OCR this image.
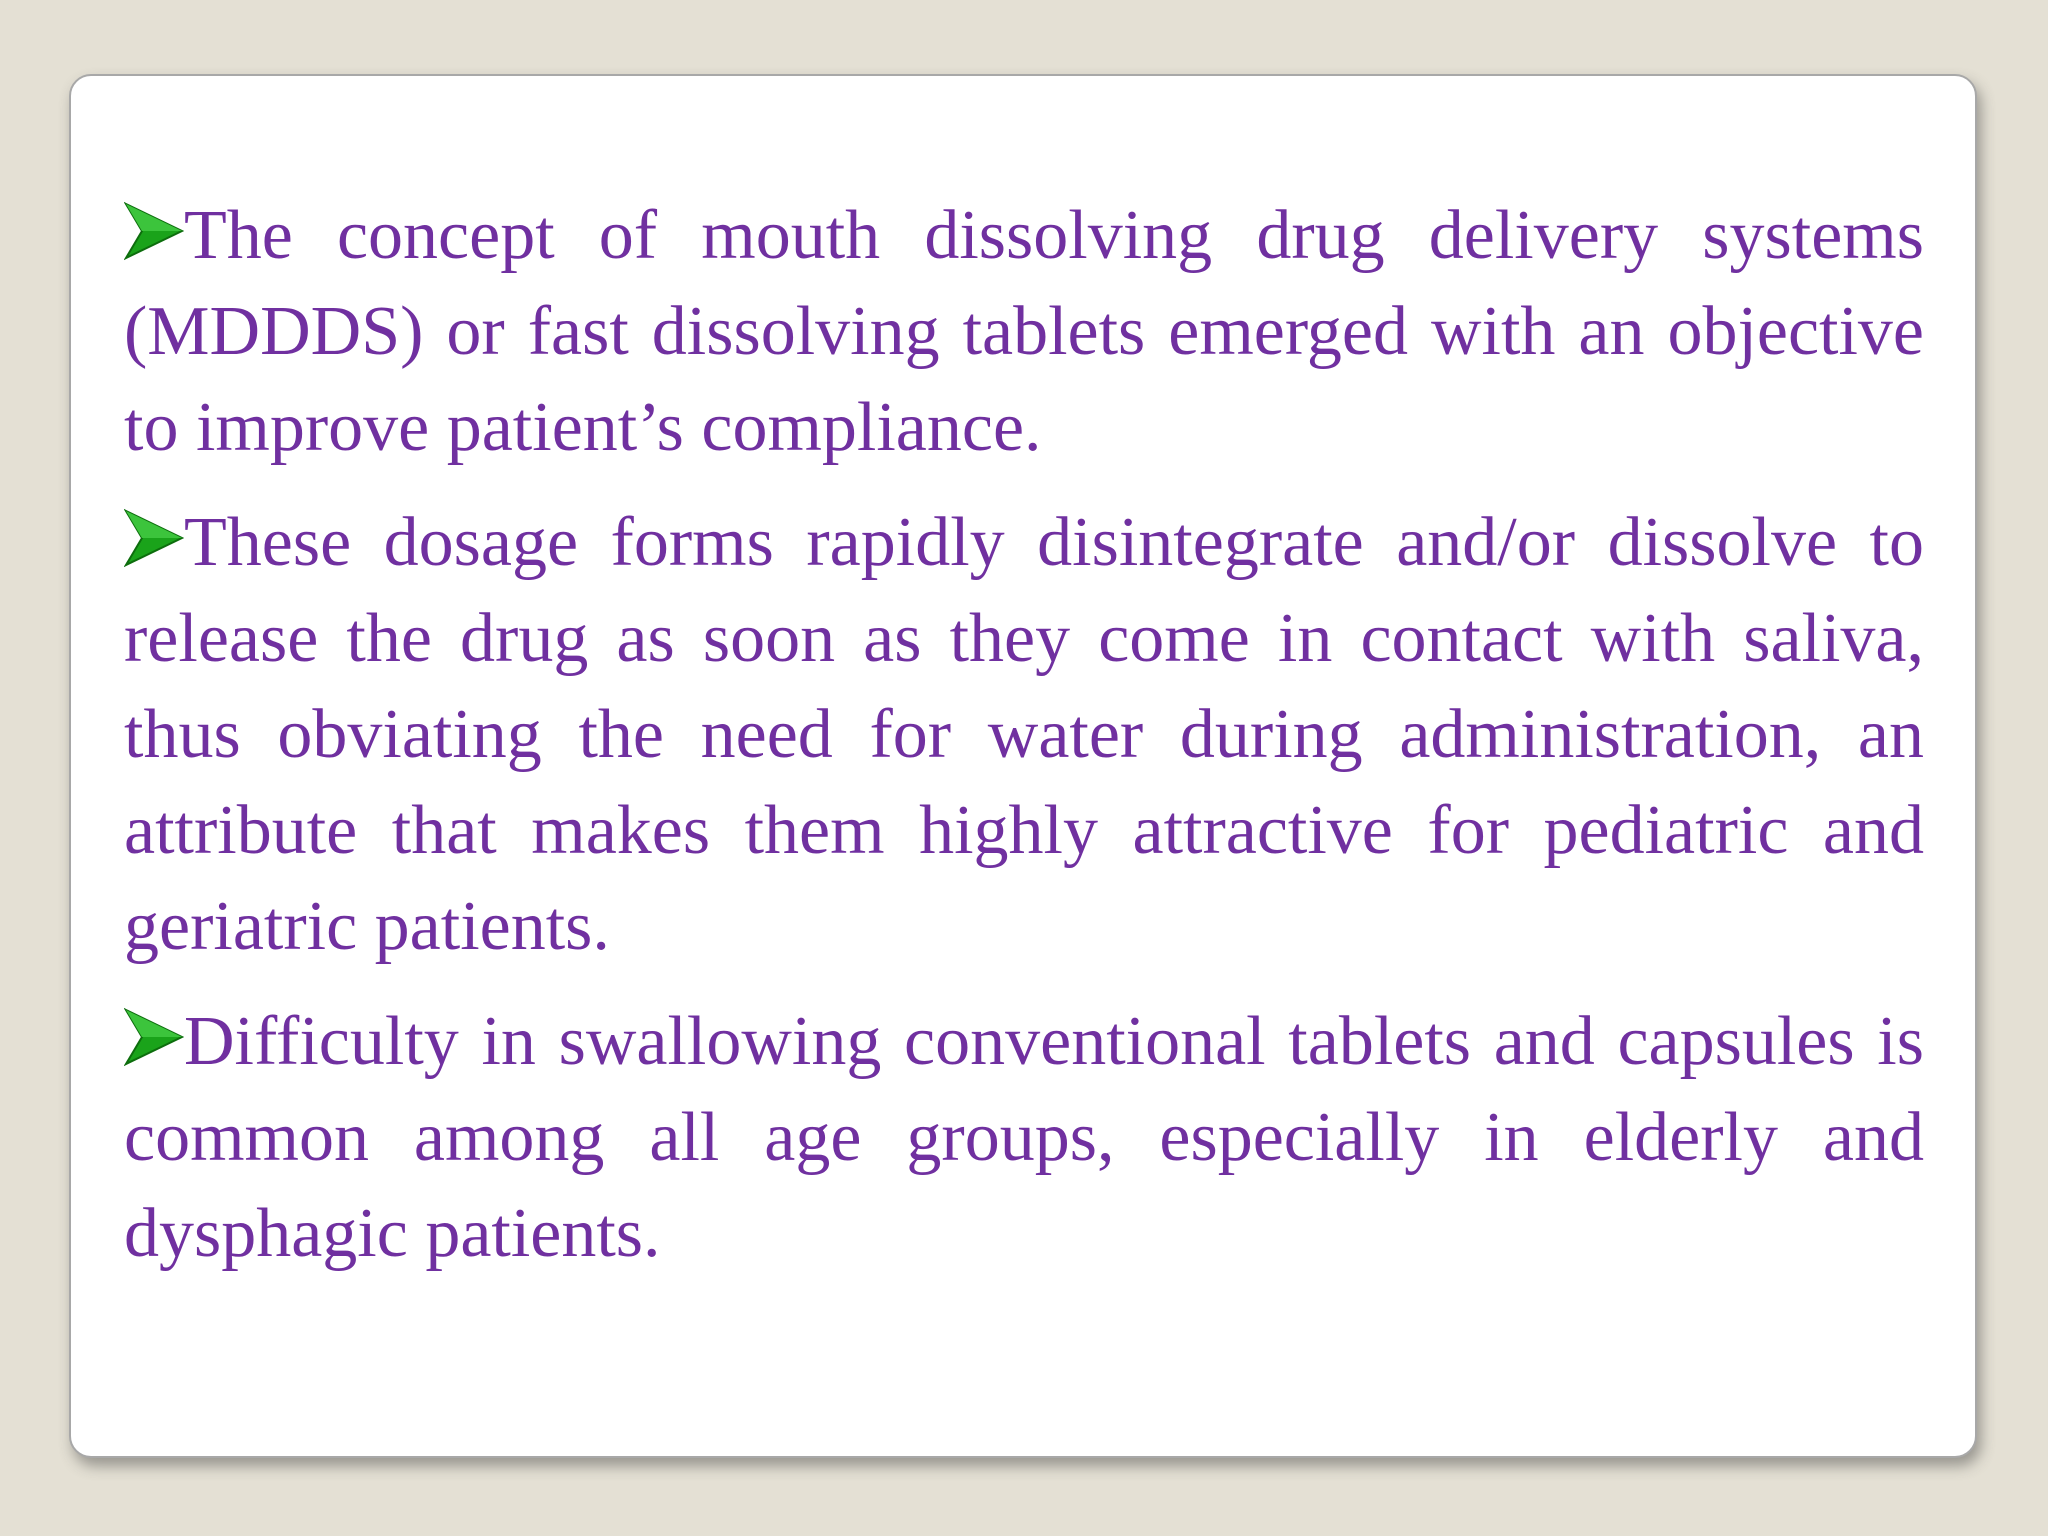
The concept of mouth dissolving drug delivery systems (MDDDS) or fast dissolving tablets emerged with an objective to improve patient’s compliance.

These dosage forms rapidly disintegrate and/or dissolve to release the drug as soon as they come in contact with saliva, thus obviating the need for water during administration, an attribute that makes them highly attractive for pediatric and geriatric patients.

Difficulty in swallowing conventional tablets and capsules is common among all age groups, especially in elderly and dysphagic patients.
